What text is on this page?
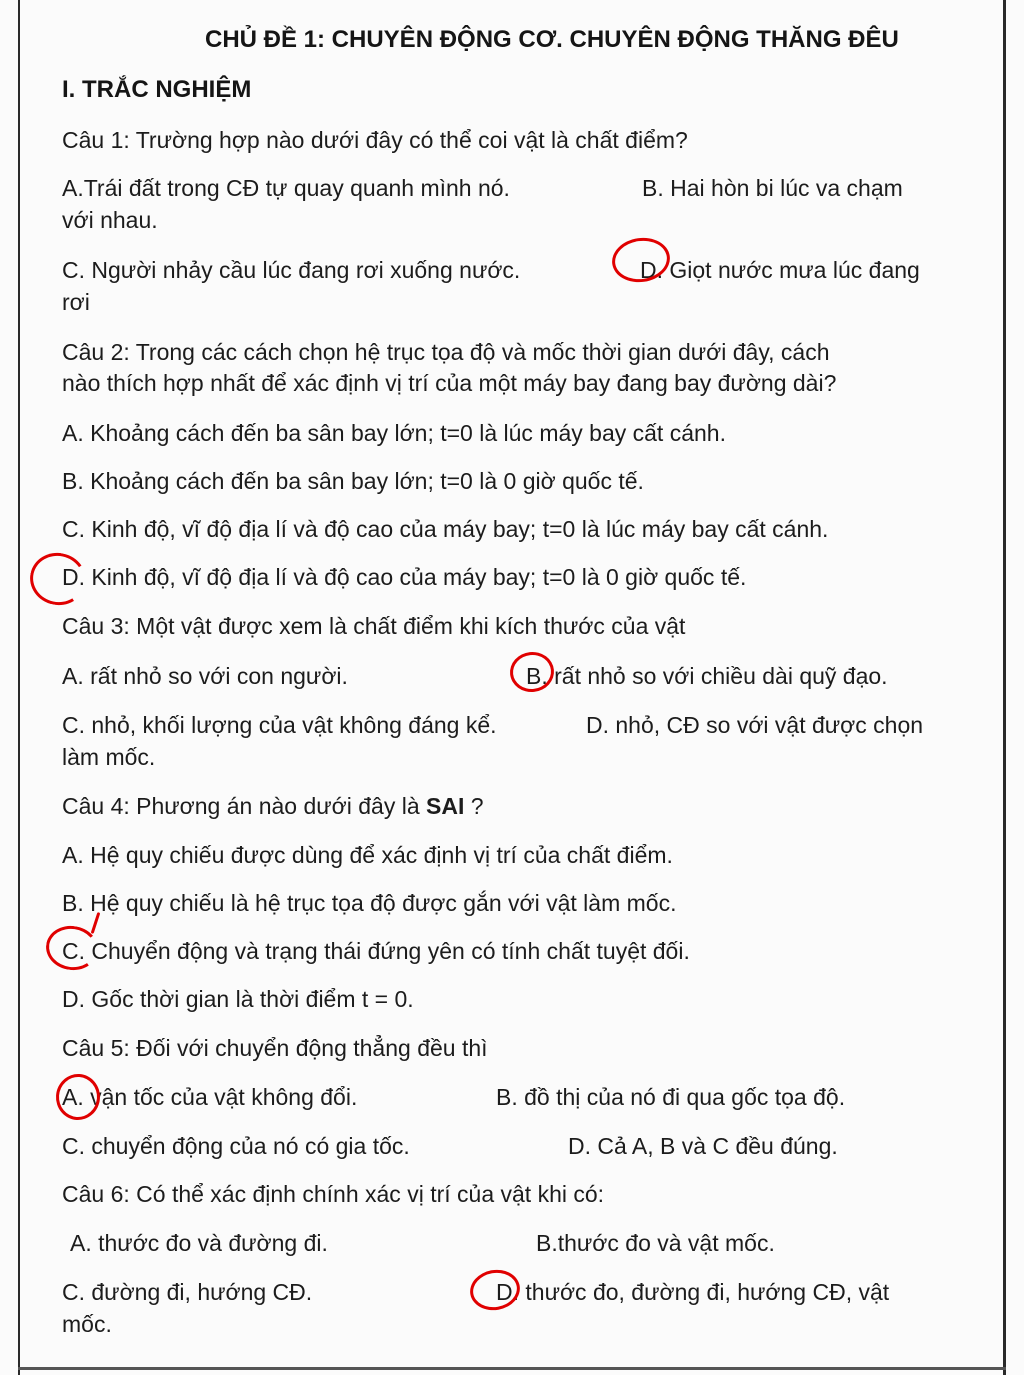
CHỦ ĐỀ 1: CHUYÊN ĐỘNG CƠ. CHUYÊN ĐỘNG THĂNG ĐÊU
I. TRẮC NGHIỆM
Câu 1: Trường hợp nào dưới đây có thể coi vật là chất điểm?
A.Trái đất trong CĐ tự quay quanh mình nó.	B. Hai hòn bi lúc va chạm
với nhau.
C. Người nhảy cầu lúc đang rơi xuống nước.	D. Giọt nước mưa lúc đang
rơi
Câu 2: Trong các cách chọn hệ trục tọa độ và mốc thời gian dưới đây, cách
nào thích hợp nhất để xác định vị trí của một máy bay đang bay đường dài?
A. Khoảng cách đến ba sân bay lớn; t=0 là lúc máy bay cất cánh.
B. Khoảng cách đến ba sân bay lớn; t=0 là 0 giờ quốc tế.
C. Kinh độ, vĩ độ địa lí và độ cao của máy bay; t=0 là lúc máy bay cất cánh.
D. Kinh độ, vĩ độ địa lí và độ cao của máy bay; t=0 là 0 giờ quốc tế.
Câu 3: Một vật được xem là chất điểm khi kích thước của vật
A. rất nhỏ so với con người.	B. rất nhỏ so với chiều dài quỹ đạo.
C. nhỏ, khối lượng của vật không đáng kể.	D. nhỏ, CĐ so với vật được chọn
làm mốc.
Câu 4: Phương án nào dưới đây là SAI ?
A. Hệ quy chiếu được dùng để xác định vị trí của chất điểm.
B. Hệ quy chiếu là hệ trục tọa độ được gắn với vật làm mốc.
C. Chuyển động và trạng thái đứng yên có tính chất tuyệt đối.
D. Gốc thời gian là thời điểm t = 0.
Câu 5: Đối với chuyển động thẳng đều thì
A. vận tốc của vật không đổi.	B. đồ thị của nó đi qua gốc tọa độ.
C. chuyển động của nó có gia tốc.	D. Cả A, B và C đều đúng.
Câu 6: Có thể xác định chính xác vị trí của vật khi có:
A. thước đo và đường đi.	B.thước đo và vật mốc.
C. đường đi, hướng CĐ.	D. thước đo, đường đi, hướng CĐ, vật
mốc.
